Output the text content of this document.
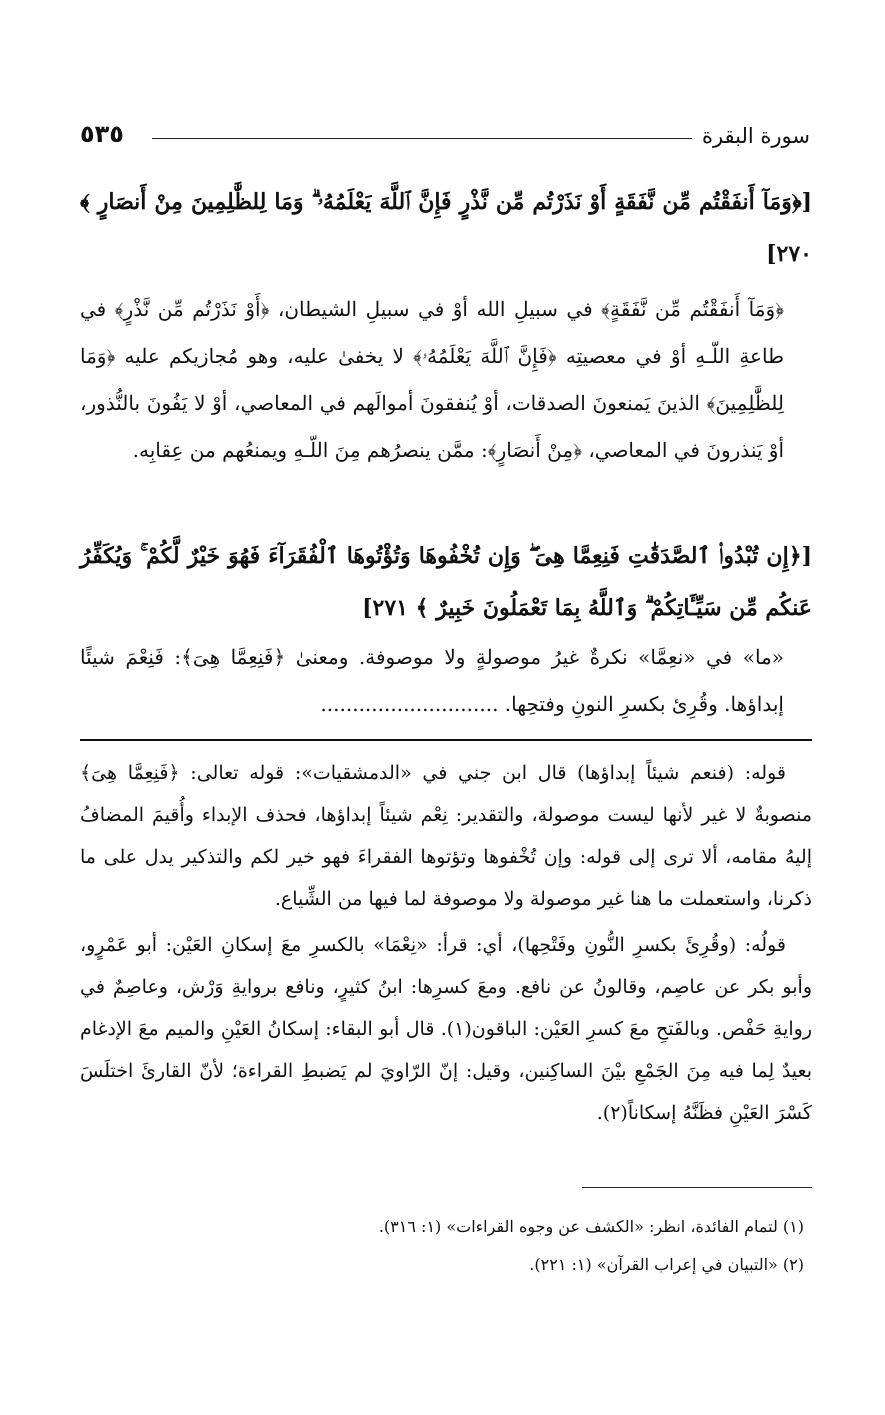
سورة البقرة
٥٣٥

[﴿وَمَآ أَنفَقْتُم مِّن نَّفَقَةٍ أَوْ نَذَرْتُم مِّن نَّذْرٍ فَإِنَّ ٱللَّهَ يَعْلَمُهُۥ ۗ وَمَا لِلظَّٰلِمِينَ مِنْ أَنصَارٍ ﴾ ٢٧٠]

﴿وَمَآ أَنفَقْتُم مِّن نَّفَقَةٍ﴾ في سبيلِ الله أوْ في سبيلِ الشيطان، ﴿أَوْ نَذَرْتُم مِّن نَّذْرٍ﴾ في طاعةِ اللّـهِ أوْ في معصيتِه ﴿فَإِنَّ ٱللَّهَ يَعْلَمُهُۥ﴾ لا يخفىٰ عليه، وهو مُجازيكم عليه ﴿وَمَا لِلظَّٰلِمِينَ﴾ الذينَ يَمنعونَ الصدقات، أوْ يُنفقونَ أموالَهم في المعاصي، أوْ لا يَفُونَ بالنُّذور، أوْ يَنذرونَ في المعاصي، ﴿مِنْ أَنصَارٍ﴾: ممَّن ينصرُهم مِنَ اللّـهِ ويمنعُهم من عِقابِه.

[﴿إِن تُبْدُوا۟ ٱلصَّدَقَٰتِ فَنِعِمَّا هِىَ ۖ وَإِن تُخْفُوهَا وَتُؤْتُوهَا ٱلْفُقَرَآءَ فَهُوَ خَيْرٌ لَّكُمْ ۚ وَيُكَفِّرُ عَنكُم مِّن سَيِّـَٔاتِكُمْ ۗ وَٱللَّهُ بِمَا تَعْمَلُونَ خَبِيرٌ ﴾ ٢٧١]

«ما» في «نعِمَّا» نكرةٌ غيرُ موصولةٍ ولا موصوفة. ومعنىٰ ﴿فَنِعِمَّا هِىَ﴾: فَنِعْمَ شيئًا إبداؤها. وقُرِئ بكسرِ النونِ وفتحِها. ............................

قوله: (فنعم شيئاً إبداؤها) قال ابن جني في «الدمشقيات»: قوله تعالى: ﴿فَنِعِمَّا هِىَ﴾ منصوبةٌ لا غير لأنها ليست موصولة، والتقدير: نِعْم شيئاً إبداؤها، فحذف الإبداء وأُقيمَ المضافُ إليهُ مقامه، ألا ترى إلى قوله: وإن تُخْفوها وتؤتوها الفقراءَ فهو خير لكم والتذكير يدل على ما ذكرنا، واستعملت ما هنا غير موصولة ولا موصوفة لما فيها من الشِّياع.

قولُه: (وقُرِئَ بكسرِ النُّونِ وفَتْحِها)، أي: قرأ: «نِعْمَا» بالكسرِ معَ إسكانِ العَيْن: أبو عَمْرٍو، وأبو بكر عن عاصِم، وقالونُ عن نافع. ومعَ كسرِها: ابنُ كثيرٍ، ونافع بروايةِ وَرْش، وعاصِمٌ في روايةِ حَفْص. وبالفَتحِ معَ كسرِ العَيْن: الباقون(١). قال أبو البقاء: إسكانُ العَيْنِ والميم معَ الإدغام بعيدٌ لِما فيه مِنَ الجَمْعِ بيْنَ الساكِنين، وقيل: إنّ الرّاويَ لم يَضبطِ القراءة؛ لأنّ القارئَ اختلَسَ كَسْرَ العَيْنِ فظَنَّهُ إسكاناً(٢).

(١) لتمام الفائدة، انظر: «الكشف عن وجوه القراءات» (١: ٣١٦).
(٢) «التبيان في إعراب القرآن» (١: ٢٢١).
